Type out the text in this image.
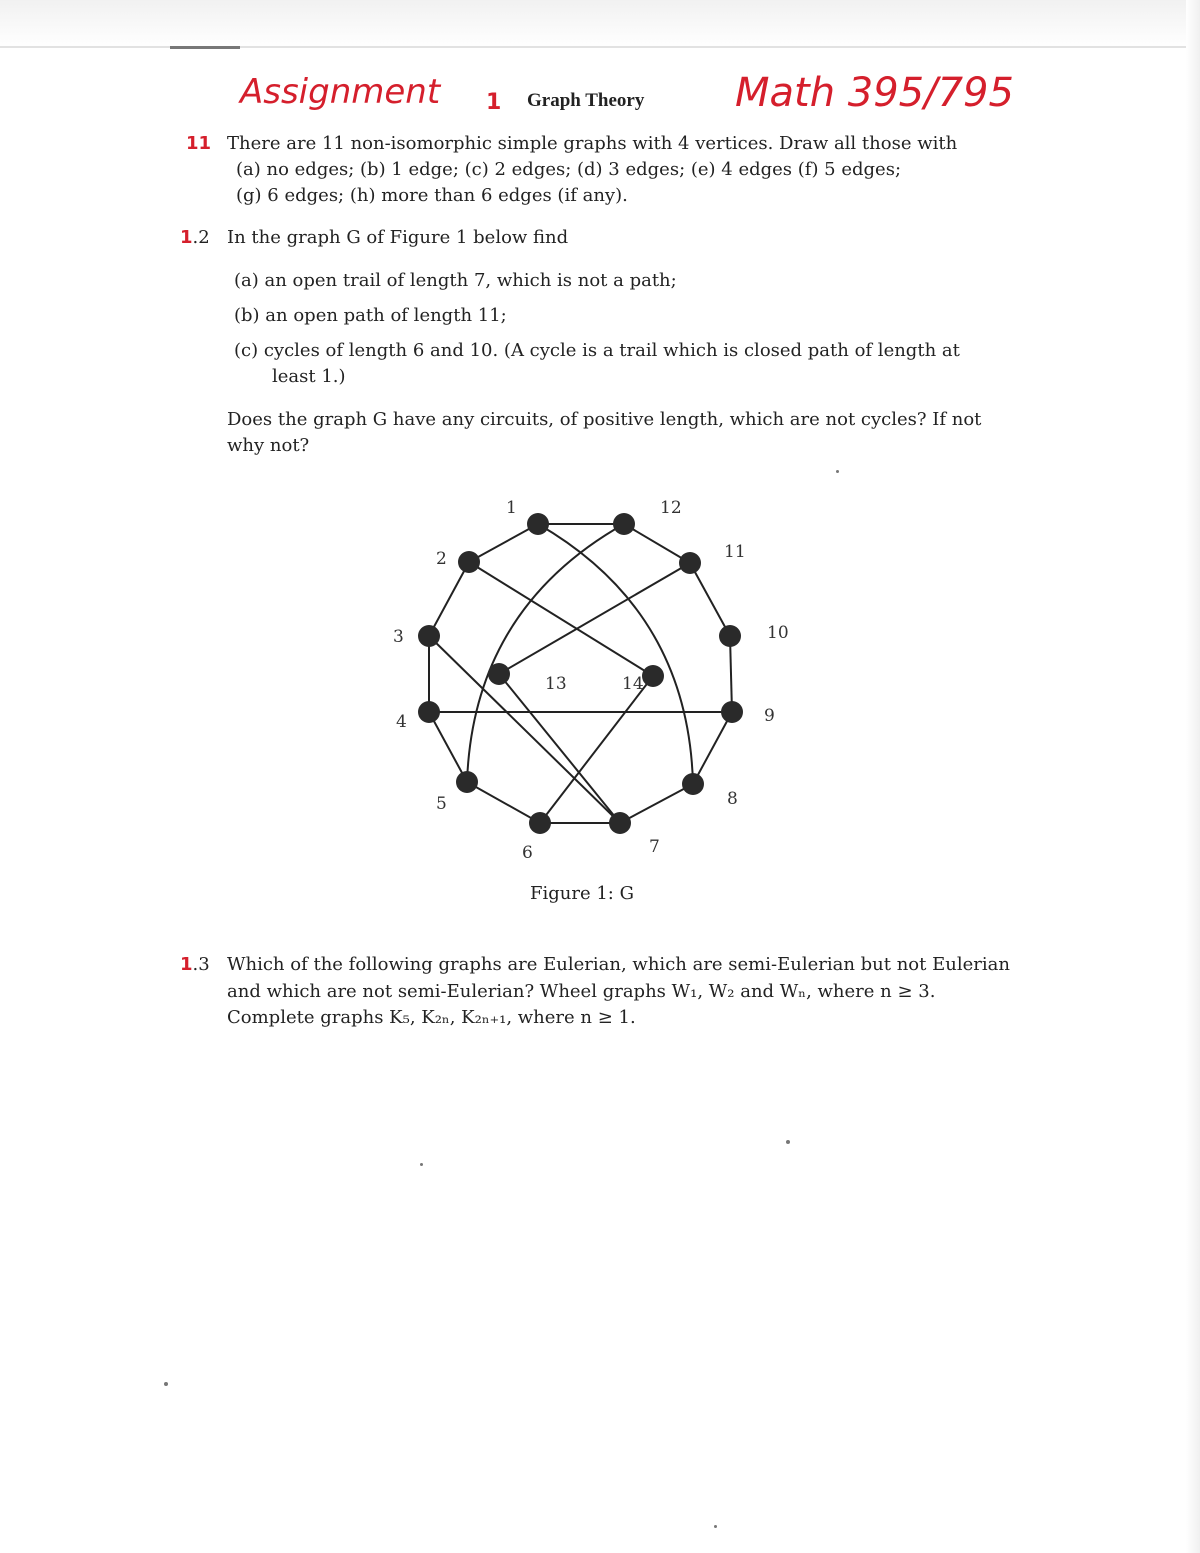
Assignment 1 Graph Theory Math 395/795
11 There are 11 non-isomorphic simple graphs with 4 vertices. Draw all those with
(a) no edges; (b) 1 edge; (c) 2 edges; (d) 3 edges; (e) 4 edges (f) 5 edges;
(g) 6 edges; (h) more than 6 edges (if any).
1.2 In the graph G of Figure 1 below find
(a) an open trail of length 7, which is not a path;
(b) an open path of length 11;
(c) cycles of length 6 and 10. (A cycle is a trail which is closed path of length at
least 1.)
Does the graph G have any circuits, of positive length, which are not cycles? If not
why not?
1
2
3
4
5
6	7
8
9
10
11
12
13	14
Figure 1: G
1.3 Which of the following graphs are Eulerian, which are semi-Eulerian but not Eulerian
and which are not semi-Eulerian? Wheel graphs W₁, W₂ and Wₙ, where n ≥ 3.
Complete graphs K₅, K₂ₙ, K₂ₙ₊₁, where n ≥ 1.
